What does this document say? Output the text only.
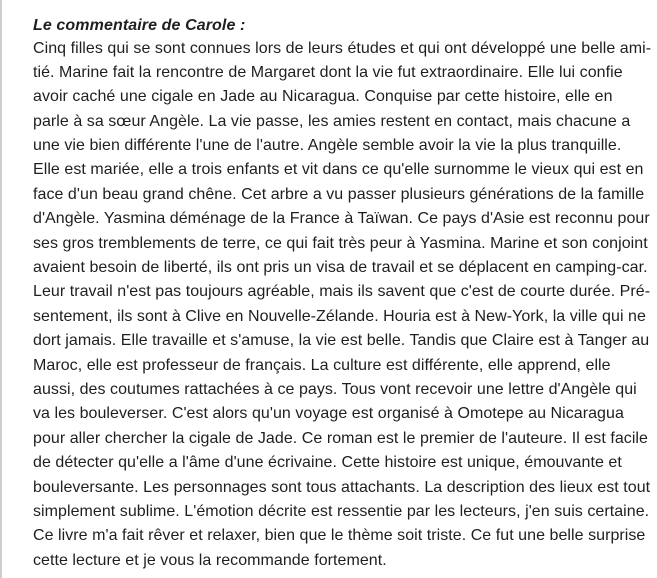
Le commentaire de Carole :
Cinq filles qui se sont connues lors de leurs études et qui ont développé une belle ami-
tié. Marine fait la rencontre de Margaret dont la vie fut extraordinaire. Elle lui confie
avoir caché une cigale en Jade au Nicaragua. Conquise par cette histoire, elle en
parle à sa sœur Angèle. La vie passe, les amies restent en contact, mais chacune a
une vie bien différente l'une de l'autre. Angèle semble avoir la vie la plus tranquille.
Elle est mariée, elle a trois enfants et vit dans ce qu'elle surnomme le vieux qui est en
face d'un beau grand chêne. Cet arbre a vu passer plusieurs générations de la famille
d'Angèle. Yasmina déménage de la France à Taïwan. Ce pays d'Asie est reconnu pour
ses gros tremblements de terre, ce qui fait très peur à Yasmina. Marine et son conjoint
avaient besoin de liberté, ils ont pris un visa de travail et se déplacent en camping-car.
Leur travail n'est pas toujours agréable, mais ils savent que c'est de courte durée. Pré-
sentement, ils sont à Clive en Nouvelle-Zélande. Houria est à New-York, la ville qui ne
dort jamais. Elle travaille et s'amuse, la vie est belle. Tandis que Claire est à Tanger au
Maroc, elle est professeur de français. La culture est différente, elle apprend, elle
aussi, des coutumes rattachées à ce pays. Tous vont recevoir une lettre d'Angèle qui
va les bouleverser. C'est alors qu'un voyage est organisé à Omotepe au Nicaragua
pour aller chercher la cigale de Jade. Ce roman est le premier de l'auteure. Il est facile
de détecter qu'elle a l'âme d'une écrivaine. Cette histoire est unique, émouvante et
bouleversante. Les personnages sont tous attachants. La description des lieux est tout
simplement sublime. L'émotion décrite est ressentie par les lecteurs, j'en suis certaine.
Ce livre m'a fait rêver et relaxer, bien que le thème soit triste. Ce fut une belle surprise
cette lecture et je vous la recommande fortement.
